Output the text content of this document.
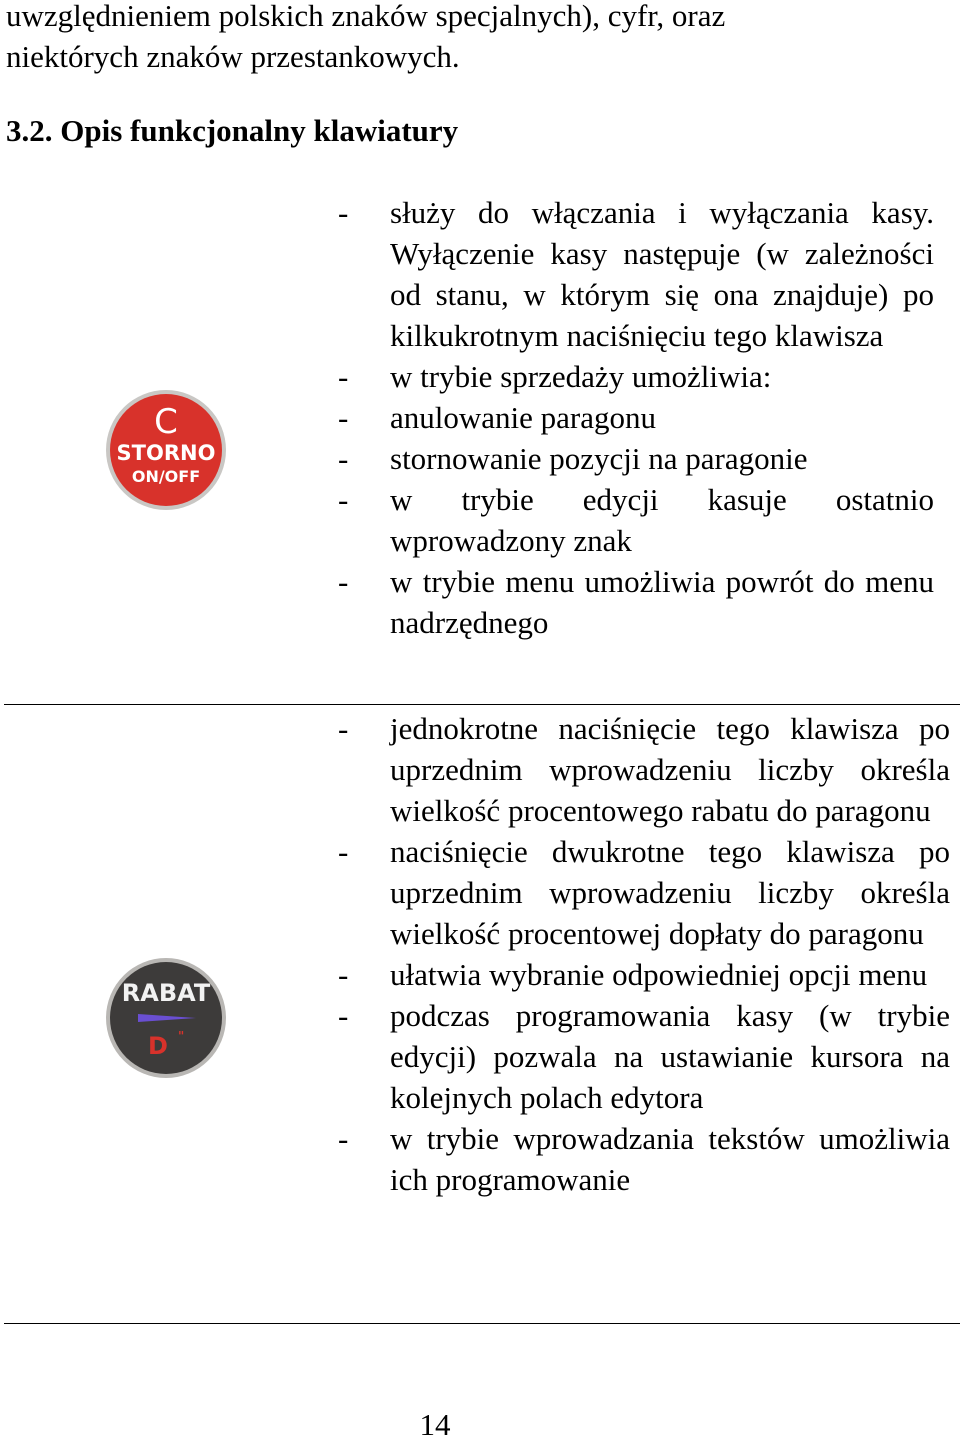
uwzględnieniem polskich znaków specjalnych), cyfr, oraz

niektórych znaków przestankowych.

3.2. Opis funkcjonalny klawiatury
C
STORNO
ON/OFF
- służy do włączania i wyłączania kasy. Wyłączenie kasy następuje (w zależności od stanu, w którym się ona znajduje) po kilkukrotnym naciśnięciu tego klawisza
- w trybie sprzedaży umożliwia:
- anulowanie paragonu
- stornowanie pozycji na paragonie
- w trybie edycji kasuje ostatnio wprowadzony znak
- w trybie menu umożliwia powrót do menu nadrzędnego
RABAT
D "
- jednokrotne naciśnięcie tego klawisza po uprzednim wprowadzeniu liczby określa wielkość procentowego rabatu do paragonu
- naciśnięcie dwukrotne tego klawisza po uprzednim wprowadzeniu liczby określa wielkość procentowej dopłaty do paragonu
- ułatwia wybranie odpowiedniej opcji menu
- podczas programowania kasy (w trybie edycji) pozwala na ustawianie kursora na kolejnych polach edytora
- w trybie wprowadzania tekstów umożliwia ich programowanie
14
